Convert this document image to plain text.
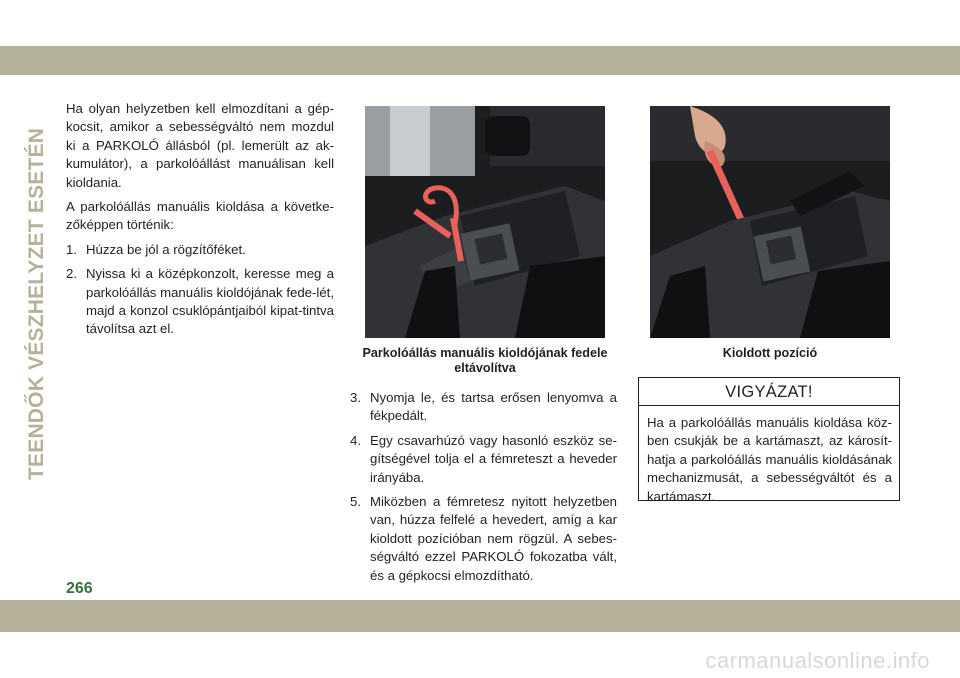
TEENDŐK VÉSZHELYZET ESETÉN

Ha olyan helyzetben kell elmozdítani a gép-kocsit, amikor a sebességváltó nem mozdul ki a PARKOLÓ állásból (pl. lemerült az ak-kumulátor), a parkolóállást manuálisan kell kioldania.

A parkolóállás manuális kioldása a követke-zőképpen történik:

1. Húzza be jól a rögzítőféket.
2. Nyissa ki a középkonzolt, keresse meg a parkolóállás manuális kioldójának fede-lét, majd a konzol csuklópántjaiból kipat-tintva távolítsa azt el.
Parkolóállás manuális kioldójának fedele eltávolítva
Kioldott pozíció
3. Nyomja le, és tartsa erősen lenyomva a fékpedált.
4. Egy csavarhúzó vagy hasonló eszköz se-gítségével tolja el a fémreteszt a heveder irányába.
5. Miközben a fémretesz nyitott helyzetben van, húzza felfelé a hevedert, amíg a kar kioldott pozícióban nem rögzül. A sebes-ségváltó ezzel PARKOLÓ fokozatba vált, és a gépkocsi elmozdítható.
VIGYÁZAT!
Ha a parkolóállás manuális kioldása köz-ben csukják be a kartámaszt, az károsít-hatja a parkolóállás manuális kioldásának mechanizmusát, a sebességváltót és a kartámaszt.
266
carmanualsonline.info
